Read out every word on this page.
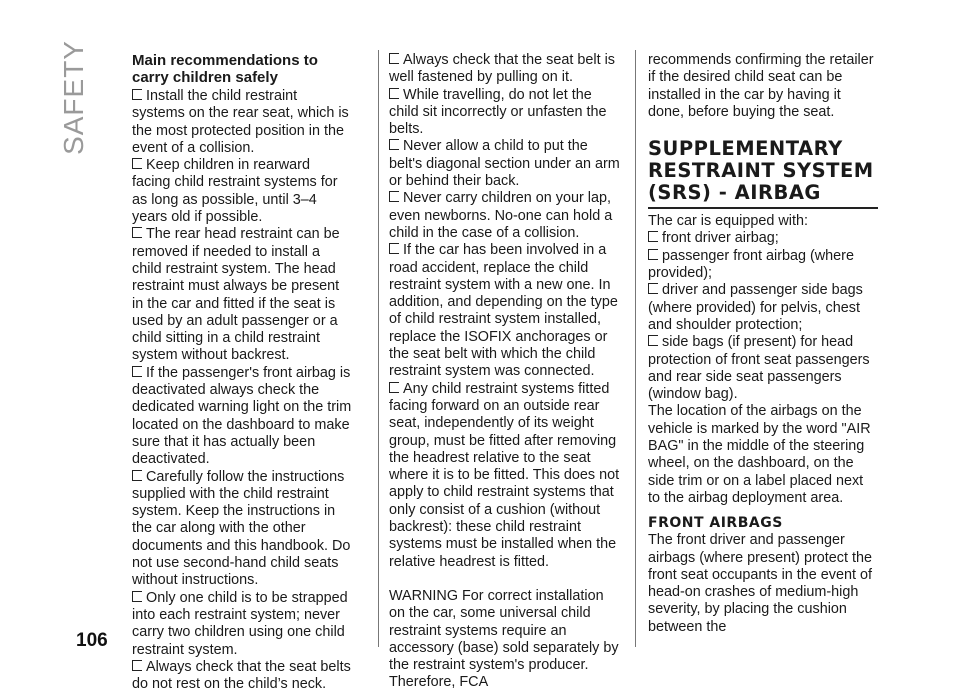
SAFETY	Main recommendations to carry children safely

Install the child restraint systems on the rear seat, which is the most protected position in the event of a collision.

Keep children in rearward facing child restraint systems for as long as possible, until 3–4 years old if possible.

The rear head restraint can be removed if needed to install a child restraint system. The head restraint must always be present in the car and fitted if the seat is used by an adult passenger or a child sitting in a child restraint system without backrest.

If the passenger's front airbag is deactivated always check the dedicated warning light on the trim located on the dashboard to make sure that it has actually been deactivated.

Carefully follow the instructions supplied with the child restraint system. Keep the instructions in the car along with the other documents and this handbook. Do not use second-hand child seats without instructions.

Only one child is to be strapped into each restraint system; never carry two children using one child restraint system.

Always check that the seat belts do not rest on the child’s neck.

Always check that the seat belt is well fastened by pulling on it.

While travelling, do not let the child sit incorrectly or unfasten the belts.

Never allow a child to put the belt's diagonal section under an arm or behind their back.

Never carry children on your lap, even newborns. No-one can hold a child in the case of a collision.

If the car has been involved in a road accident, replace the child restraint system with a new one. In addition, and depending on the type of child restraint system installed, replace the ISOFIX anchorages or the seat belt with which the child restraint system was connected.

Any child restraint systems fitted facing forward on an outside rear seat, independently of its weight group, must be fitted after removing the headrest relative to the seat where it is to be fitted. This does not apply to child restraint systems that only consist of a cushion (without backrest): these child restraint systems must be installed when the relative headrest is fitted.

WARNING For correct installation on the car, some universal child restraint systems require an accessory (base) sold separately by the restraint system's producer. Therefore, FCA

recommends confirming the retailer if the desired child seat can be installed in the car by having it done, before buying the seat.

SUPPLEMENTARY RESTRAINT SYSTEM (SRS) - AIRBAG

The car is equipped with:

front driver airbag;

passenger front airbag (where provided);

driver and passenger side bags (where provided) for pelvis, chest and shoulder protection;

side bags (if present) for head protection of front seat passengers and rear side seat passengers (window bag).

The location of the airbags on the vehicle is marked by the word "AIR BAG" in the middle of the steering wheel, on the dashboard, on the side trim or on a label placed next to the airbag deployment area.

FRONT AIRBAGS

The front driver and passenger airbags (where present) protect the front seat occupants in the event of head-on crashes of medium-high severity, by placing the cushion between the

106
